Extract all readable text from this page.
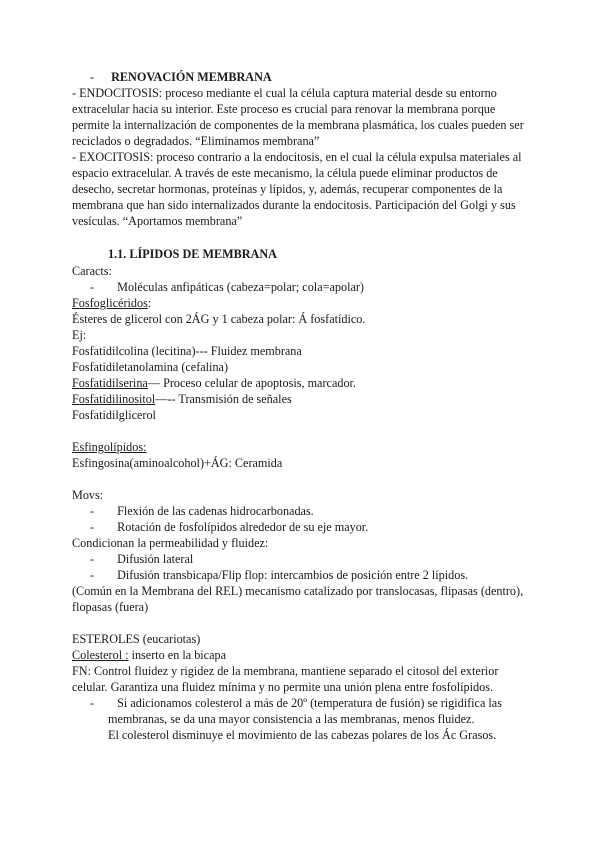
- RENOVACIÓN MEMBRANA
- ENDOCITOSIS: proceso mediante el cual la célula captura material desde su entorno
extracelular hacia su interior. Este proceso es crucial para renovar la membrana porque
permite la internalización de componentes de la membrana plasmática, los cuales pueden ser
reciclados o degradados. “Eliminamos membrana”
- EXOCITOSIS: proceso contrario a la endocitosis, en el cual la célula expulsa materiales al
espacio extracelular. A través de este mecanismo, la célula puede eliminar productos de
desecho, secretar hormonas, proteínas y lípidos, y, además, recuperar componentes de la
membrana que han sido internalizados durante la endocitosis. Participación del Golgi y sus
vesículas. “Aportamos membrana”
1.1. LÍPIDOS DE MEMBRANA
Caracts:
- Moléculas anfipáticas (cabeza=polar; cola=apolar)
Fosfoglicéridos:
Ésteres de glicerol con 2ÁG y 1 cabeza polar: Á fosfatídico.
Ej:
Fosfatidilcolina (lecitina)--- Fluidez membrana
Fosfatidiletanolamina (cefalina)
Fosfatidilserina— Proceso celular de apoptosis, marcador.
Fosfatidilinositol—-- Transmisión de señales
Fosfatidilglicerol
Esfingolípidos:
Esfingosina(aminoalcohol)+ÁG: Ceramida
Movs:
- Flexión de las cadenas hidrocarbonadas.
- Rotación de fosfolípidos alrededor de su eje mayor.
Condicionan la permeabilidad y fluidez:
- Difusión lateral
- Difusión transbicapa/Flip flop: intercambios de posición entre 2 lípidos.
(Común en la Membrana del REL) mecanismo catalizado por translocasas, flipasas (dentro),
flopasas (fuera)
ESTEROLES (eucariotas)
Colesterol : inserto en la bicapa
FN: Control fluidez y rigidez de la membrana, mantiene separado el citosol del exterior
celular. Garantiza una fluidez mínima y no permite una unión plena entre fosfolípidos.
- Si adicionamos colesterol a más de 20º (temperatura de fusión) se rigidifica las
membranas, se da una mayor consistencia a las membranas, menos fluidez.
El colesterol disminuye el movimiento de las cabezas polares de los Ác Grasos.
